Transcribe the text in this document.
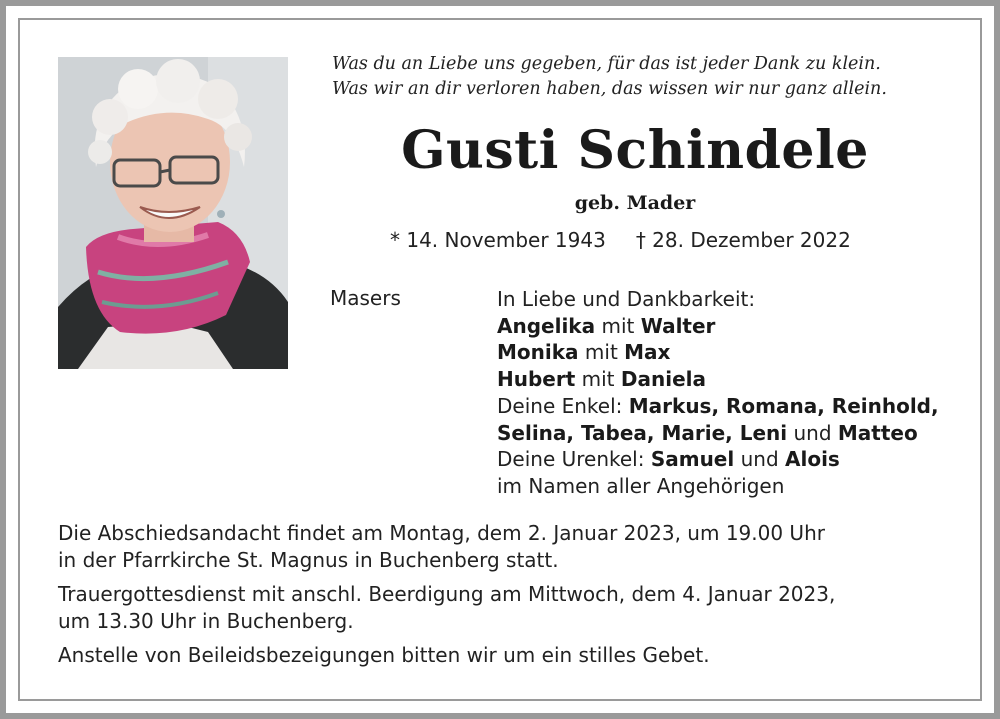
Was du an Liebe uns gegeben, für das ist jeder Dank zu klein.
Was wir an dir verloren haben, das wissen wir nur ganz allein.
Gusti Schindele
geb. Mader
* 14. November 1943 † 28. Dezember 2022
Masers	In Liebe und Dankbarkeit:
Angelika mit Walter
Monika mit Max
Hubert mit Daniela
Deine Enkel: Markus, Romana, Reinhold,
Selina, Tabea, Marie, Leni und Matteo
Deine Urenkel: Samuel und Alois
im Namen aller Angehörigen

Die Abschiedsandacht findet am Montag, dem 2. Januar 2023, um 19.00 Uhr
in der Pfarrkirche St. Magnus in Buchenberg statt.

Trauergottesdienst mit anschl. Beerdigung am Mittwoch, dem 4. Januar 2023,
um 13.30 Uhr in Buchenberg.

Anstelle von Beileidsbezeigungen bitten wir um ein stilles Gebet.
